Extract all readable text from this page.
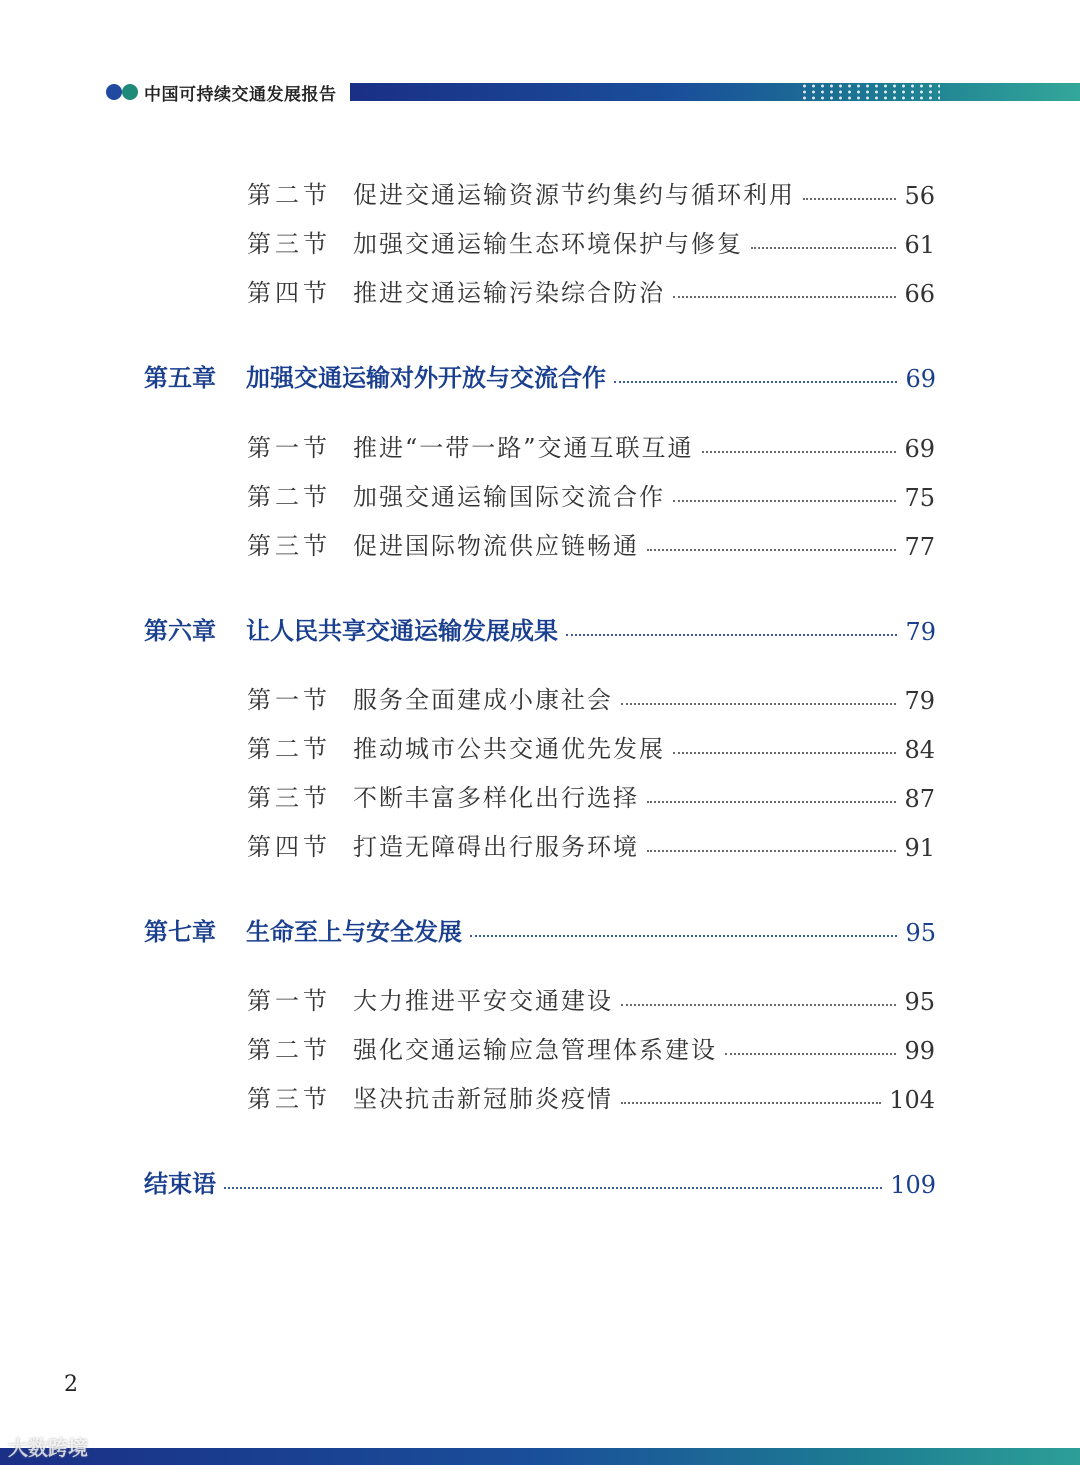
中国可持续交通发展报告
第二节 促进交通运输资源节约集约与循环利用	56
第三节 加强交通运输生态环境保护与修复	61
第四节 推进交通运输污染综合防治	66
第五章	加强交通运输对外开放与交流合作	69
第一节 推进“一带一路”交通互联互通	69
第二节 加强交通运输国际交流合作	75
第三节 促进国际物流供应链畅通	77
第六章	让人民共享交通运输发展成果	79
第一节 服务全面建成小康社会	79
第二节 推动城市公共交通优先发展	84
第三节 不断丰富多样化出行选择	87
第四节 打造无障碍出行服务环境	91
第七章	生命至上与安全发展	95
第一节 大力推进平安交通建设	95
第二节 强化交通运输应急管理体系建设	99
第三节 坚决抗击新冠肺炎疫情	104
结束语	109
2
大数跨境
